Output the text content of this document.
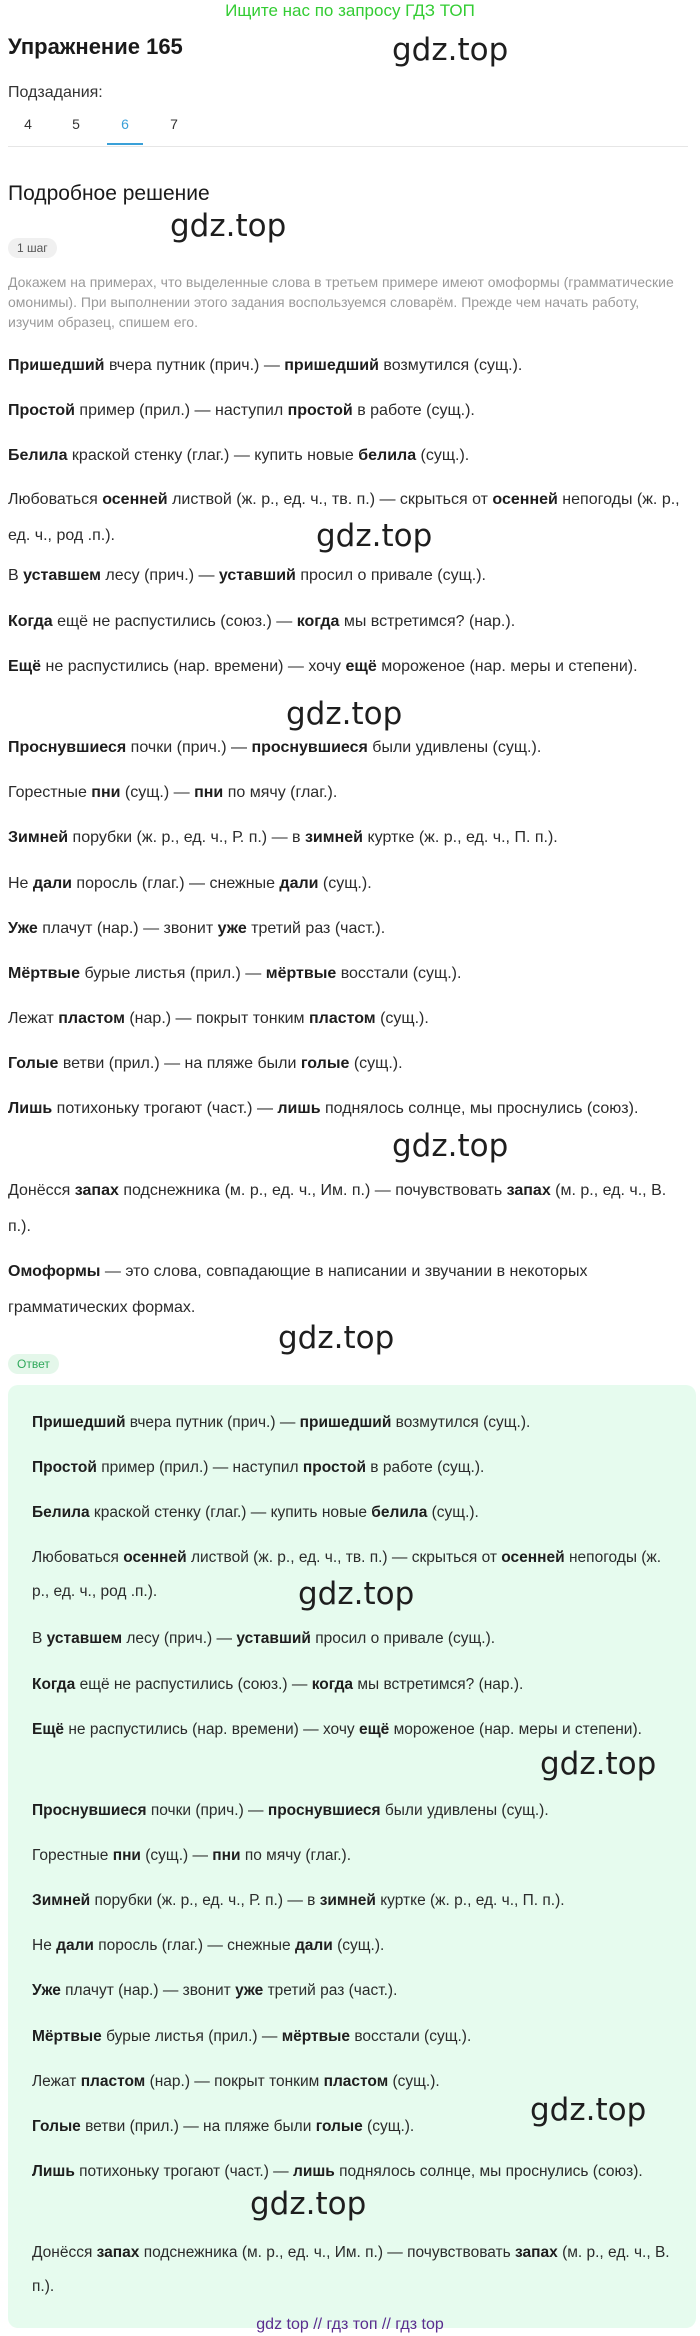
Ищите нас по запросу ГДЗ ТОП
Упражнение 165
Подзадания:
4	5	6	7
Подробное решение
1 шаг
Докажем на примерах, что выделенные слова в третьем примере имеют омоформы (грамматические омонимы). При выполнении этого задания воспользуемся словарём. Прежде чем начать работу, изучим образец, спишем его.
Пришедший вчера путник (прич.) — пришедший возмутился (сущ.).
Простой пример (прил.) — наступил простой в работе (сущ.).
Белила краской стенку (глаг.) — купить новые белила (сущ.).
Любоваться осенней листвой (ж. р., ед. ч., тв. п.) — скрыться от осенней непогоды (ж. р., ед. ч., род .п.).
В уставшем лесу (прич.) — уставший просил о привале (сущ.).
Когда ещё не распустились (союз.) — когда мы встретимся? (нар.).
Ещё не распустились (нар. времени) — хочу ещё мороженое (нар. меры и степени).
Проснувшиеся почки (прич.) — проснувшиеся были удивлены (сущ.).
Горестные пни (сущ.) — пни по мячу (глаг.).
Зимней порубки (ж. р., ед. ч., Р. п.) — в зимней куртке (ж. р., ед. ч., П. п.).
Не дали поросль (глаг.) — снежные дали (сущ.).
Уже плачут (нар.) — звонит уже третий раз (част.).
Мёртвые бурые листья (прил.) — мёртвые восстали (сущ.).
Лежат пластом (нар.) — покрыт тонким пластом (сущ.).
Голые ветви (прил.) — на пляже были голые (сущ.).
Лишь потихоньку трогают (част.) — лишь поднялось солнце, мы проснулись (союз).
Донёсся запах подснежника (м. р., ед. ч., Им. п.) — почувствовать запах (м. р., ед. ч., В. п.).
Омоформы — это слова, совпадающие в написании и звучании в некоторых грамматических формах.
Ответ
Пришедший вчера путник (прич.) — пришедший возмутился (сущ.).
Простой пример (прил.) — наступил простой в работе (сущ.).
Белила краской стенку (глаг.) — купить новые белила (сущ.).
Любоваться осенней листвой (ж. р., ед. ч., тв. п.) — скрыться от осенней непогоды (ж. р., ед. ч., род .п.).
В уставшем лесу (прич.) — уставший просил о привале (сущ.).
Когда ещё не распустились (союз.) — когда мы встретимся? (нар.).
Ещё не распустились (нар. времени) — хочу ещё мороженое (нар. меры и степени).
Проснувшиеся почки (прич.) — проснувшиеся были удивлены (сущ.).
Горестные пни (сущ.) — пни по мячу (глаг.).
Зимней порубки (ж. р., ед. ч., Р. п.) — в зимней куртке (ж. р., ед. ч., П. п.).
Не дали поросль (глаг.) — снежные дали (сущ.).
Уже плачут (нар.) — звонит уже третий раз (част.).
Мёртвые бурые листья (прил.) — мёртвые восстали (сущ.).
Лежат пластом (нар.) — покрыт тонким пластом (сущ.).
Голые ветви (прил.) — на пляже были голые (сущ.).
Лишь потихоньку трогают (част.) — лишь поднялось солнце, мы проснулись (союз).
Донёсся запах подснежника (м. р., ед. ч., Им. п.) — почувствовать запах (м. р., ед. ч., В. п.).
gdz.top
gdz.top
gdz.top
gdz.top
gdz.top
gdz.top
gdz.top
gdz.top
gdz.top
gdz.top
gdz top // гдз топ // гдз top
